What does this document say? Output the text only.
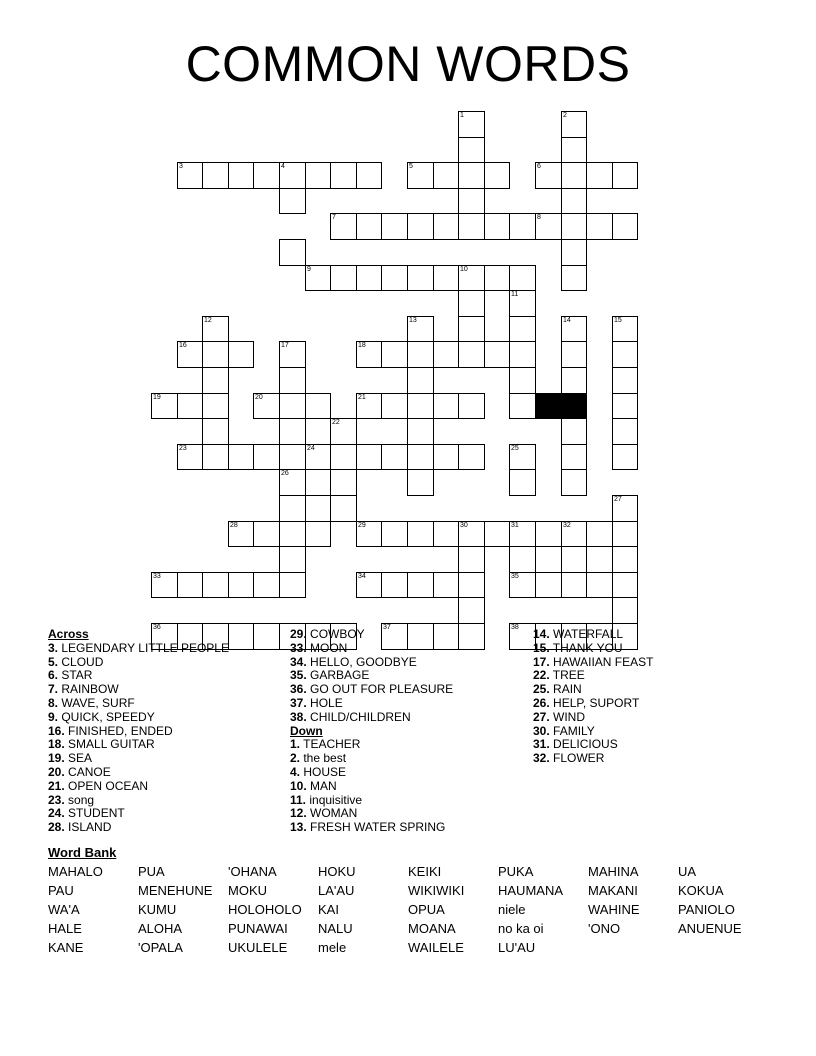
COMMON WORDS
1	2
3	4	5	6
7	8
9	10
11
12	13	14	15
16	17	18
19	20	21
22
23	24	25
26
27
28	29	30	31	32
33	34	35
36	37	38
Across
3. LEGENDARY LITTLE PEOPLE
5. CLOUD
6. STAR
7. RAINBOW
8. WAVE, SURF
9. QUICK, SPEEDY
16. FINISHED, ENDED
18. SMALL GUITAR
19. SEA
20. CANOE
21. OPEN OCEAN
23. song
24. STUDENT
28. ISLAND
29. COWBOY
33. MOON
34. HELLO, GOODBYE
35. GARBAGE
36. GO OUT FOR PLEASURE
37. HOLE
38. CHILD/CHILDREN
Down
1. TEACHER
2. the best
4. HOUSE
10. MAN
11. inquisitive
12. WOMAN
13. FRESH WATER SPRING
14. WATERFALL
15. THANK YOU
17. HAWAIIAN FEAST
22. TREE
25. RAIN
26. HELP, SUPORT
27. WIND
30. FAMILY
31. DELICIOUS
32. FLOWER
Word Bank
MAHALO	PUA	'OHANA	HOKU	KEIKI	PUKA	MAHINA	UA
PAU	MENEHUNE	MOKU	LA'AU	WIKIWIKI	HAUMANA	MAKANI	KOKUA
WA'A	KUMU	HOLOHOLO	KAI	OPUA	niele	WAHINE	PANIOLO
HALE	ALOHA	PUNAWAI	NALU	MOANA	no ka oi	'ONO	ANUENUE
KANE	'OPALA	UKULELE	mele	WAILELE	LU'AU
